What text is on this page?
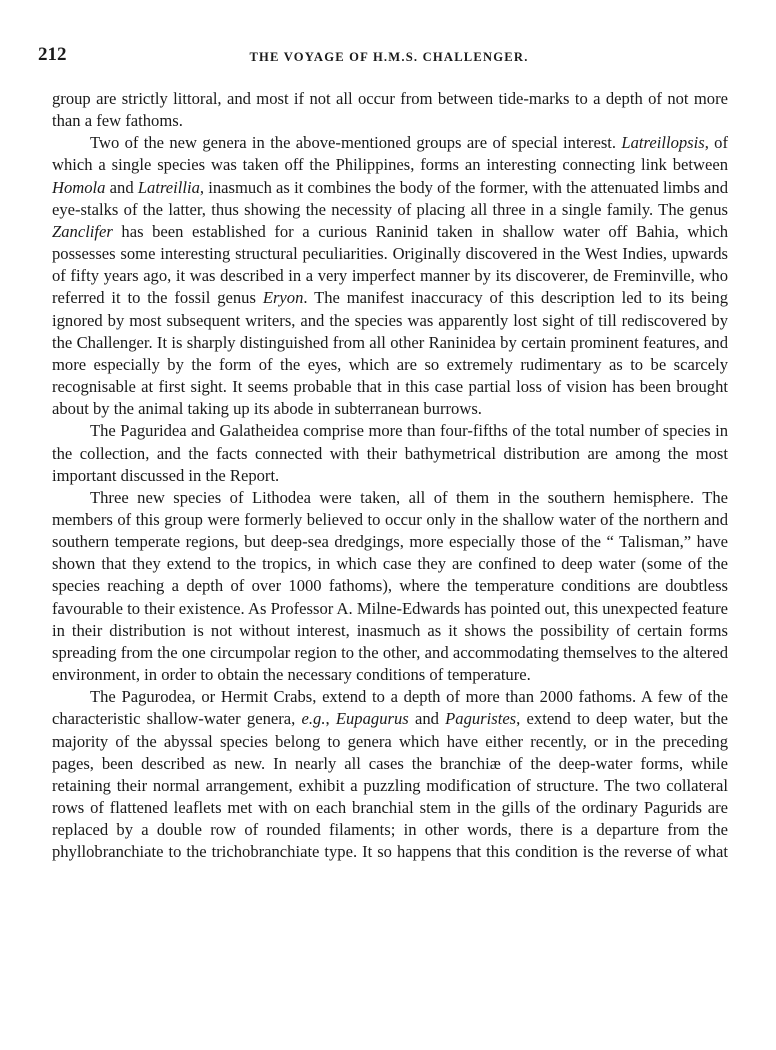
212	THE VOYAGE OF H.M.S. CHALLENGER.

group are strictly littoral, and most if not all occur from between tide-marks to a depth of not more than a few fathoms.

Two of the new genera in the above-mentioned groups are of special interest. Latreillopsis, of which a single species was taken off the Philippines, forms an interesting connecting link between Homola and Latreillia, inasmuch as it combines the body of the former, with the attenuated limbs and eye-stalks of the latter, thus showing the necessity of placing all three in a single family. The genus Zanclifer has been established for a curious Raninid taken in shallow water off Bahia, which possesses some interesting structural peculiarities. Originally discovered in the West Indies, upwards of fifty years ago, it was described in a very imperfect manner by its discoverer, de Freminville, who referred it to the fossil genus Eryon. The manifest inaccuracy of this description led to its being ignored by most subsequent writers, and the species was apparently lost sight of till rediscovered by the Challenger. It is sharply distinguished from all other Raninidea by certain prominent features, and more especially by the form of the eyes, which are so extremely rudimentary as to be scarcely recognisable at first sight. It seems probable that in this case partial loss of vision has been brought about by the animal taking up its abode in subterranean burrows.

The Paguridea and Galatheidea comprise more than four-fifths of the total number of species in the collection, and the facts connected with their bathymetrical distribution are among the most important discussed in the Report.

Three new species of Lithodea were taken, all of them in the southern hemisphere. The members of this group were formerly believed to occur only in the shallow water of the northern and southern temperate regions, but deep-sea dredgings, more especially those of the “ Talisman,” have shown that they extend to the tropics, in which case they are confined to deep water (some of the species reaching a depth of over 1000 fathoms), where the temperature conditions are doubtless favourable to their existence. As Professor A. Milne-Edwards has pointed out, this unexpected feature in their distribution is not without interest, inasmuch as it shows the possibility of certain forms spreading from the one circumpolar region to the other, and accommodating themselves to the altered environment, in order to obtain the necessary conditions of temperature.

The Pagurodea, or Hermit Crabs, extend to a depth of more than 2000 fathoms. A few of the characteristic shallow-water genera, e.g., Eupagurus and Paguristes, extend to deep water, but the majority of the abyssal species belong to genera which have either recently, or in the preceding pages, been described as new. In nearly all cases the branchiæ of the deep-water forms, while retaining their normal arrangement, exhibit a puzzling modification of structure. The two collateral rows of flattened leaflets met with on each branchial stem in the gills of the ordinary Pagurids are replaced by a double row of rounded filaments; in other words, there is a departure from the phyllobranchiate to the trichobranchiate type. It so happens that this condition is the reverse of what
